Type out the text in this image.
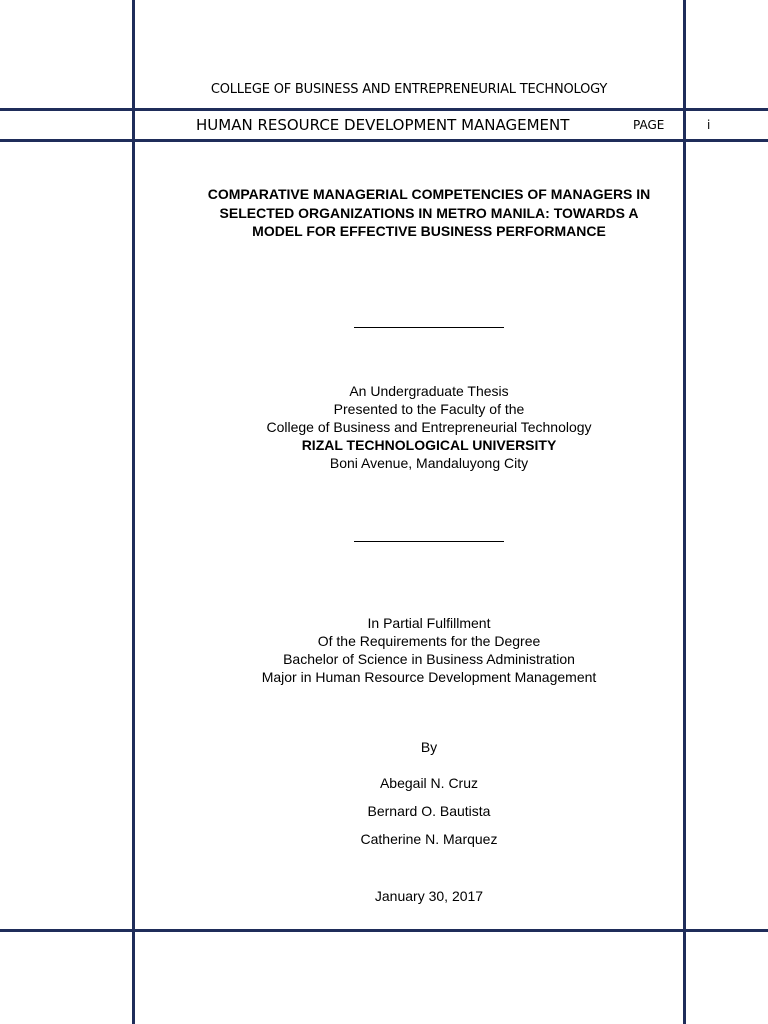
COLLEGE OF BUSINESS AND ENTREPRENEURIAL TECHNOLOGY
HUMAN RESOURCE DEVELOPMENT MANAGEMENT	PAGE	i
COMPARATIVE MANAGERIAL COMPETENCIES OF MANAGERS IN
SELECTED ORGANIZATIONS IN METRO MANILA: TOWARDS A
MODEL FOR EFFECTIVE BUSINESS PERFORMANCE
An Undergraduate Thesis
Presented to the Faculty of the
College of Business and Entrepreneurial Technology
RIZAL TECHNOLOGICAL UNIVERSITY
Boni Avenue, Mandaluyong City
In Partial Fulfillment
Of the Requirements for the Degree
Bachelor of Science in Business Administration
Major in Human Resource Development Management
By
Abegail N. Cruz
Bernard O. Bautista
Catherine N. Marquez
January 30, 2017
